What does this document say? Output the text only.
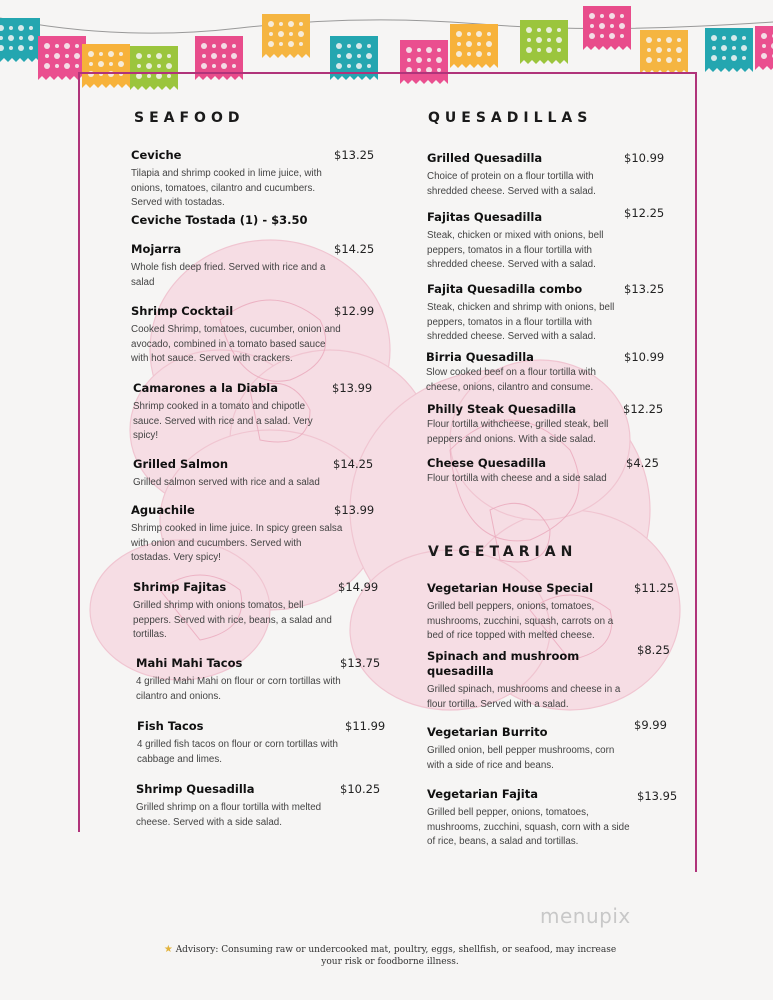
SEAFOOD
Ceviche	$13.25
Tilapia and shrimp cooked in lime juice, with onions, tomatoes, cilantro and cucumbers. Served with tostadas.
Ceviche Tostada (1) - $3.50
Mojarra	$14.25
Whole fish deep fried. Served with rice and a salad
Shrimp Cocktail	$12.99
Cooked Shrimp, tomatoes, cucumber, onion and avocado, combined in a tomato based sauce with hot sauce. Served with crackers.
Camarones a la Diabla	$13.99
Shrimp cooked in a tomato and chipotle sauce. Served with rice and a salad. Very spicy!
Grilled Salmon	$14.25
Grilled salmon served with rice and a salad
Aguachile	$13.99
Shrimp cooked in lime juice. In spicy green salsa with onion and cucumbers. Served with tostadas. Very spicy!
Shrimp Fajitas	$14.99
Grilled shrimp with onions tomatos, bell peppers. Served with rice, beans, a salad and tortillas.
Mahi Mahi Tacos	$13.75
4 grilled Mahi Mahi on flour or corn tortillas with cilantro and onions.
Fish Tacos	$11.99
4 grilled fish tacos on flour or corn tortillas with cabbage and limes.
Shrimp Quesadilla	$10.25
Grilled shrimp on a flour tortilla with melted cheese. Served with a side salad.
QUESADILLAS
Grilled Quesadilla	$10.99
Choice of protein on a flour tortilla with shredded cheese. Served with a salad.
Fajitas Quesadilla	$12.25
Steak, chicken or mixed with onions, bell peppers, tomatos in a flour tortilla with shredded cheese. Served with a salad.
Fajita Quesadilla combo	$13.25
Steak, chicken and shrimp with onions, bell peppers, tomatos in a flour tortilla with shredded cheese. Served with a salad.
Birria Quesadilla	$10.99
Slow cooked beef on a flour tortilla with cheese, onions, cilantro and consume.
Philly Steak Quesadilla	$12.25
Flour tortilla withcheese, grilled steak, bell peppers and onions. With a side salad.
Cheese Quesadilla	$4.25
Flour tortilla with cheese and a side salad
VEGETARIAN
Vegetarian House Special	$11.25
Grilled bell peppers, onions, tomatoes, mushrooms, zucchini, squash, carrots on a bed of rice topped with melted cheese.
Spinach and mushroom quesadilla
$8.25
Grilled spinach, mushrooms and cheese in a flour tortilla. Served with a salad.
Vegetarian Burrito	$9.99
Grilled onion, bell pepper mushrooms, corn with a side of rice and beans.
Vegetarian Fajita	$13.95
Grilled bell pepper, onions, tomatoes, mushrooms, zucchini, squash, corn with a side of rice, beans, a salad and tortillas.
menupix
★ Advisory: Consuming raw or undercooked mat, poultry, eggs, shellfish, or seafood, may increase
your risk or foodborne illness.
